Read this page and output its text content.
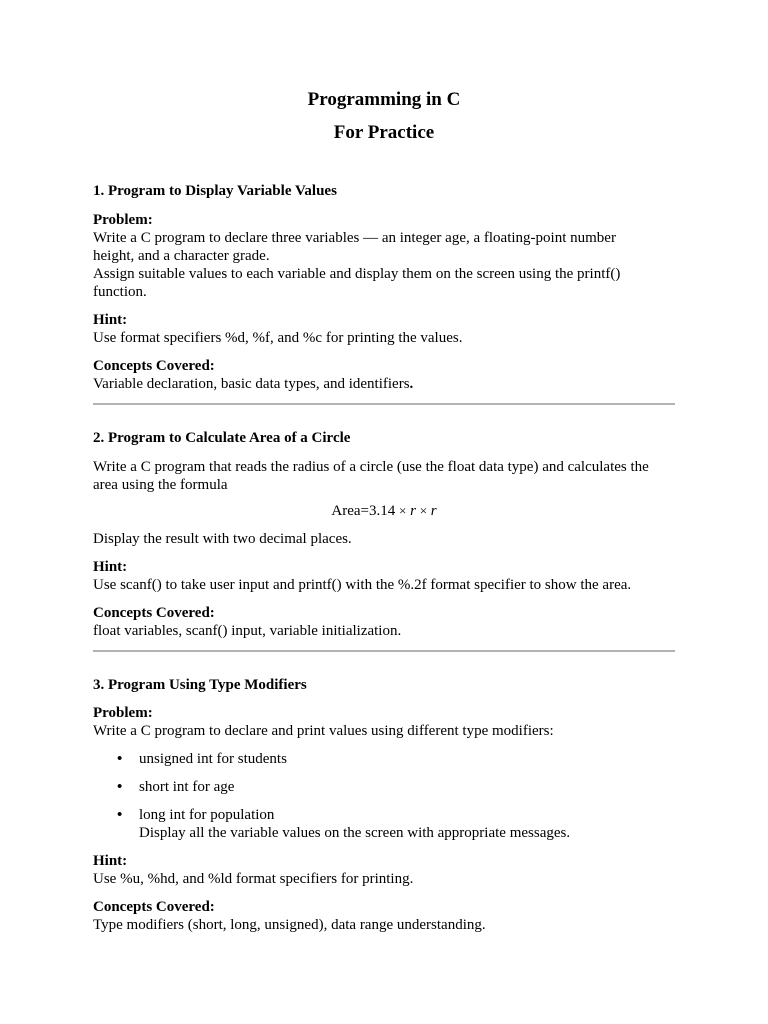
Programming in C
For Practice
1. Program to Display Variable Values
Problem:
Write a C program to declare three variables — an integer age, a floating-point number
height, and a character grade.
Assign suitable values to each variable and display them on the screen using the printf()
function.
Hint:
Use format specifiers %d, %f, and %c for printing the values.
Concepts Covered:
Variable declaration, basic data types, and identifiers.
2. Program to Calculate Area of a Circle
Write a C program that reads the radius of a circle (use the float data type) and calculates the
area using the formula
Area=3.14 × r × r
Display the result with two decimal places.
Hint:
Use scanf() to take user input and printf() with the %.2f format specifier to show the area.
Concepts Covered:
float variables, scanf() input, variable initialization.
3. Program Using Type Modifiers
Problem:
Write a C program to declare and print values using different type modifiers:
• unsigned int for students
• short int for age
• long int for population
Display all the variable values on the screen with appropriate messages.
Hint:
Use %u, %hd, and %ld format specifiers for printing.
Concepts Covered:
Type modifiers (short, long, unsigned), data range understanding.
